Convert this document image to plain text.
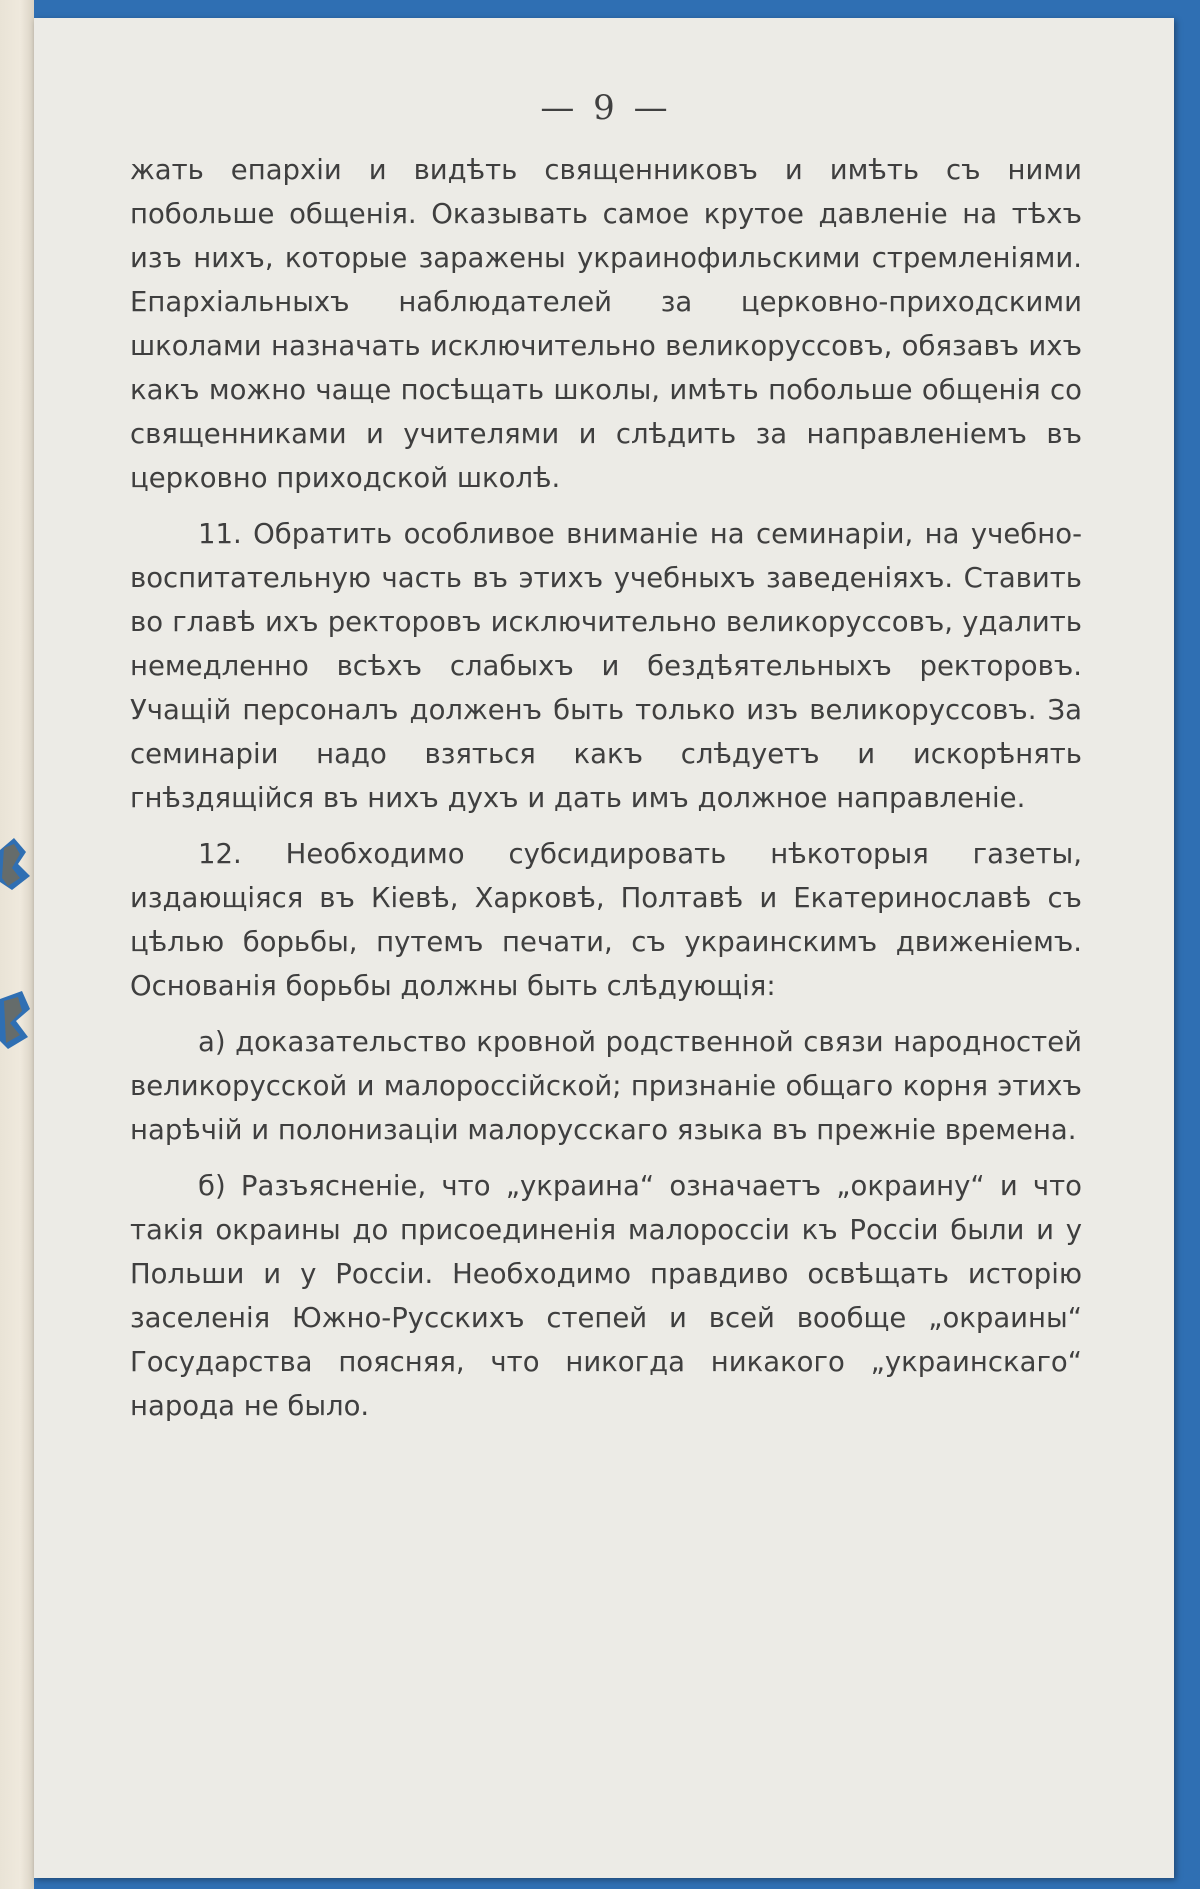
— 9 —

жать епархiи и видѣть священниковъ и имѣть съ ними побольше общенія. Оказывать самое крутое давленіе на тѣхъ изъ нихъ, которые заражены украинофильскими стремленіями. Епархіальныхъ наблюдателей за церковно-приходскими школами назначать исключительно великоруссовъ, обязавъ ихъ какъ можно чаще посѣщать школы, имѣть побольше общенія со священниками и учителями и слѣдить за направленіемъ въ церковно приходской школѣ.

11. Обратить особливое вниманіе на семинаріи, на учебно-воспитательную часть въ этихъ учебныхъ заведеніяхъ. Ставить во главѣ ихъ ректоровъ исключительно великоруссовъ, удалить немедленно всѣхъ слабыхъ и бездѣятельныхъ ректоровъ. Учащій персоналъ долженъ быть только изъ великоруссовъ. За семинаріи надо взяться какъ слѣдуетъ и искорѣнять гнѣздящійся въ нихъ духъ и дать имъ должное направленіе.

12. Необходимо субсидировать нѣкоторыя газеты, издающіяся въ Кіевѣ, Харковѣ, Полтавѣ и Екатеринославѣ съ цѣлью борьбы, путемъ печати, съ украинскимъ движеніемъ. Основанія борьбы должны быть слѣдующія:

а) доказательство кровной родственной связи народностей великорусской и малороссійской; признаніе общаго корня этихъ нарѣчій и полонизаціи малорусскаго языка въ прежніе времена.

б) Разъясненіе, что „украина“ означаетъ „окраину“ и что такія окраины до присоединенія малороссіи къ Россіи были и у Польши и у Россіи. Необходимо правдиво освѣщать исторію заселенія Южно-Русскихъ степей и всей вообще „окраины“ Государства поясняя, что никогда никакого „украинскаго“ народа не было.
